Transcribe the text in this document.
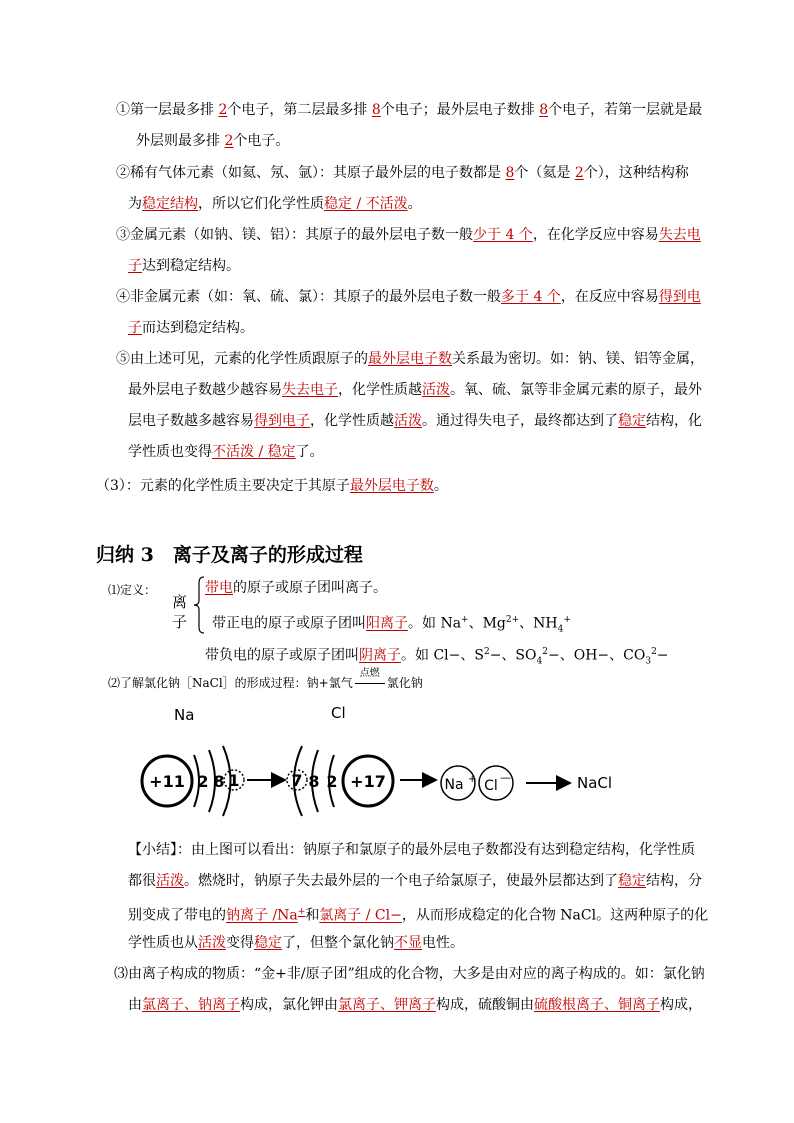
①第一层最多排 2个电子，第二层最多排 8个电子；最外层电子数排 8个电子，若第一层就是最
外层则最多排 2个电子。
②稀有气体元素（如氦、氖、氩）：其原子最外层的电子数都是 8个（氦是 2个），这种结构称
为稳定结构，所以它们化学性质稳定 / 不活泼。
③金属元素（如钠、镁、铝）：其原子的最外层电子数一般少于 4 个，在化学反应中容易失去电
子达到稳定结构。
④非金属元素（如：氧、硫、氯）：其原子的最外层电子数一般多于 4 个，在反应中容易得到电
子而达到稳定结构。
⑤由上述可见，元素的化学性质跟原子的最外层电子数关系最为密切。如：钠、镁、铝等金属，
最外层电子数越少越容易失去电子，化学性质越活泼。氧、硫、氯等非金属元素的原子，最外
层电子数越多越容易得到电子，化学性质越活泼。通过得失电子，最终都达到了稳定结构，化
学性质也变得不活泼 / 稳定了。
（3）：元素的化学性质主要决定于其原子最外层电子数。
归纳 3　离子及离子的形成过程
⑴定义：
离
子
带电的原子或原子团叫离子。
带正电的原子或原子团叫阳离子。如 Na+、$Mg^{2+}$、$NH_4^+$
带负电的原子或原子团叫阴离子。如 Cl−、$S^2-$、$SO_4^2-$、OH−、$CO_3^2-$
⑵了解氯化钠［NaCl］的形成过程：钠+氯气
点燃
氯化钠
Na	Cl
+11 2 8 1	7 8 2 +17	Na + Cl
—	NaCl
【小结】：由上图可以看出：钠原子和氯原子的最外层电子数都没有达到稳定结构，化学性质
都很活泼。燃烧时，钠原子失去最外层的一个电子给氯原子，使最外层都达到了稳定结构，分
别变成了带电的钠离子 /Na+和氯离子 / Cl−，从而形成稳定的化合物 NaCl。这两种原子的化
学性质也从活泼变得稳定了，但整个氯化钠不显电性。
⑶由离子构成的物质：“金+非/原子团”组成的化合物，大多是由对应的离子构成的。如：氯化钠
由氯离子、钠离子构成，氯化钾由氯离子、钾离子构成，硫酸铜由硫酸根离子、铜离子构成，
